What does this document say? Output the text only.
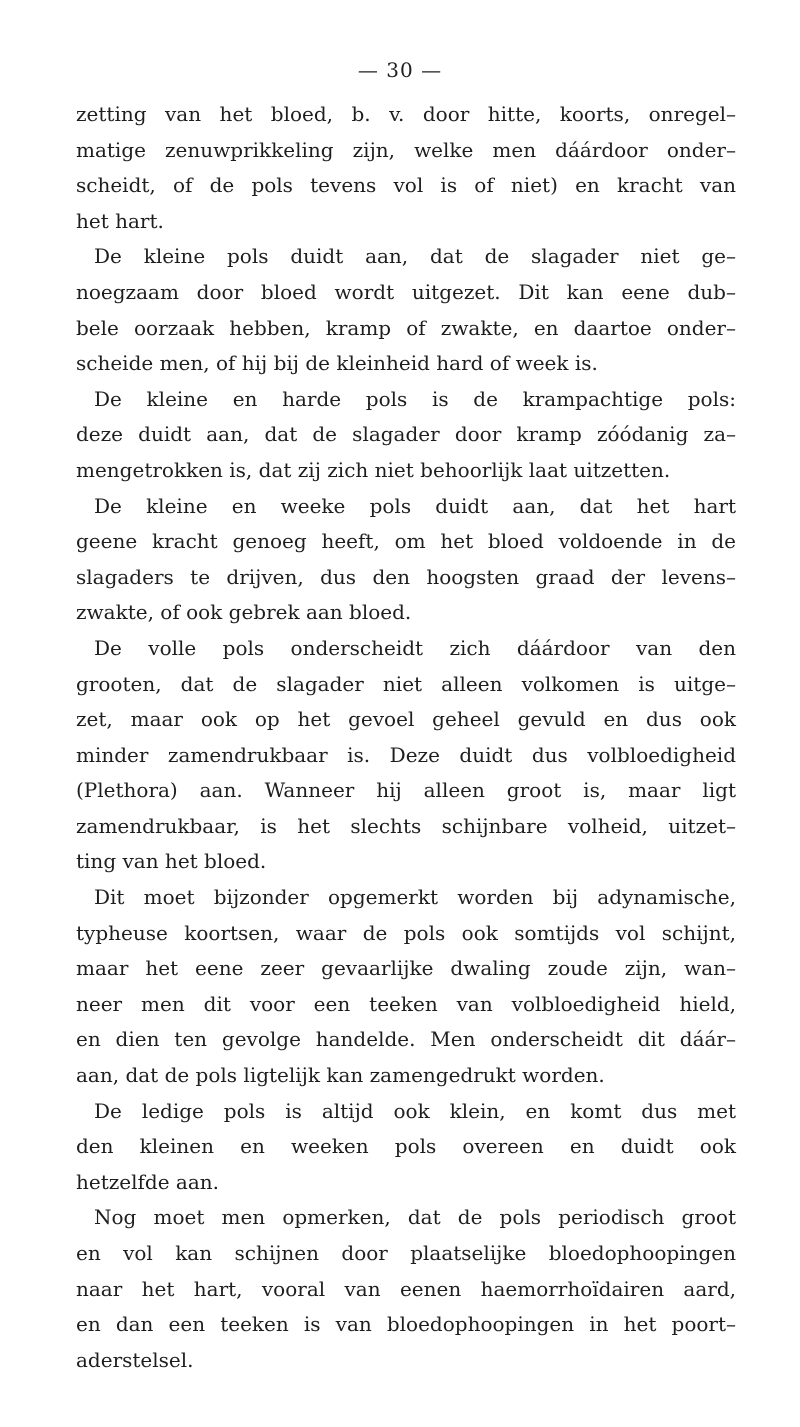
— 30 —
zetting van het bloed, b. v. door hitte, koorts, onregel–
matige zenuwprikkeling zijn, welke men dáárdoor onder–
scheidt, of de pols tevens vol is of niet) en kracht van
het hart.
De kleine pols duidt aan, dat de slagader niet ge–
noegzaam door bloed wordt uitgezet. Dit kan eene dub–
bele oorzaak hebben, kramp of zwakte, en daartoe onder–
scheide men, of hij bij de kleinheid hard of week is.
De kleine en harde pols is de krampachtige pols:
deze duidt aan, dat de slagader door kramp zóódanig za–
mengetrokken is, dat zij zich niet behoorlijk laat uitzetten.
De kleine en weeke pols duidt aan, dat het hart
geene kracht genoeg heeft, om het bloed voldoende in de
slagaders te drijven, dus den hoogsten graad der levens–
zwakte, of ook gebrek aan bloed.
De volle pols onderscheidt zich dáárdoor van den
grooten, dat de slagader niet alleen volkomen is uitge–
zet, maar ook op het gevoel geheel gevuld en dus ook
minder zamendrukbaar is. Deze duidt dus volbloedigheid
(Plethora) aan. Wanneer hij alleen groot is, maar ligt
zamendrukbaar, is het slechts schijnbare volheid, uitzet–
ting van het bloed.
Dit moet bijzonder opgemerkt worden bij adynamische,
typheuse koortsen, waar de pols ook somtijds vol schijnt,
maar het eene zeer gevaarlijke dwaling zoude zijn, wan–
neer men dit voor een teeken van volbloedigheid hield,
en dien ten gevolge handelde. Men onderscheidt dit dáár–
aan, dat de pols ligtelijk kan zamengedrukt worden.
De ledige pols is altijd ook klein, en komt dus met
den kleinen en weeken pols overeen en duidt ook
hetzelfde aan.
Nog moet men opmerken, dat de pols periodisch groot
en vol kan schijnen door plaatselijke bloedophoopingen
naar het hart, vooral van eenen haemorrhoïdairen aard,
en dan een teeken is van bloedophoopingen in het poort–
aderstelsel.
